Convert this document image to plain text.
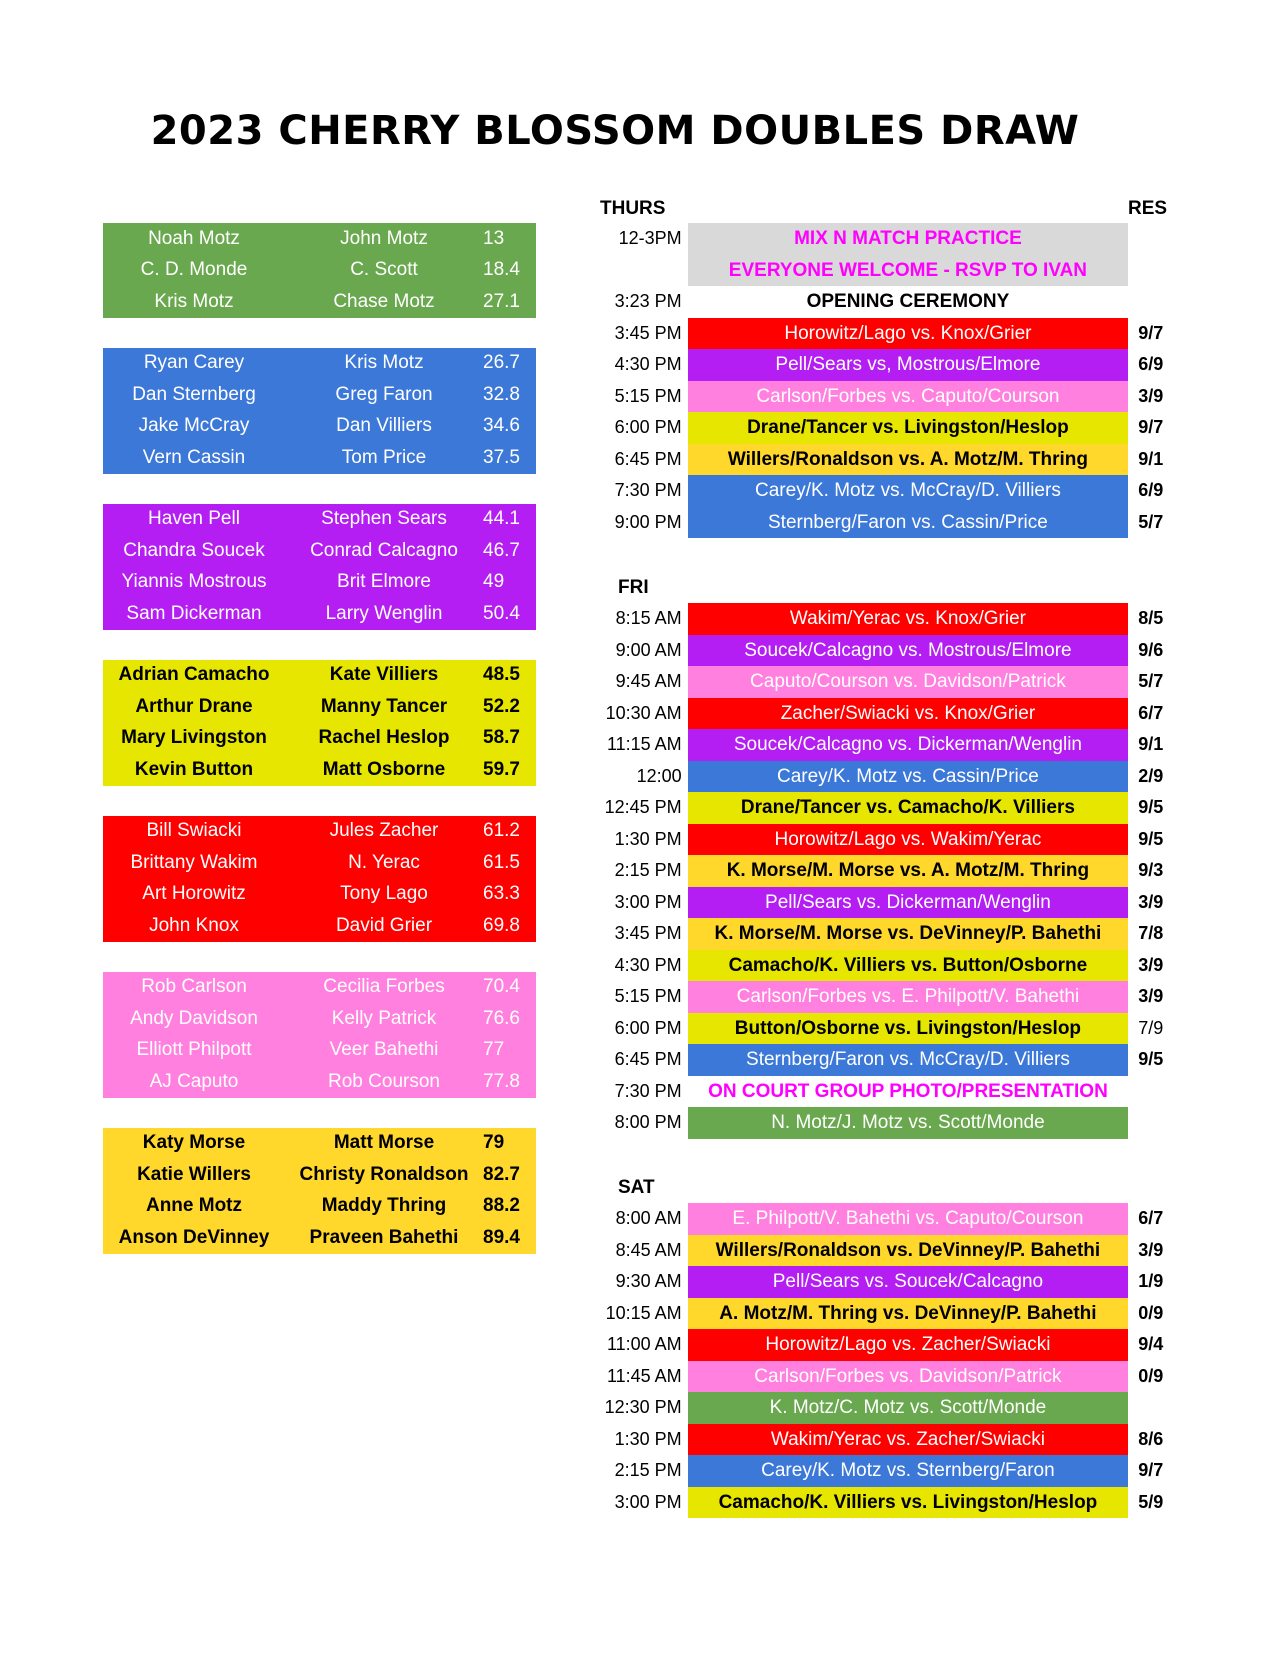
2023 CHERRY BLOSSOM DOUBLES DRAW
Noah Motz	John Motz	13
C. D. Monde	C. Scott	18.4
Kris Motz	Chase Motz	27.1
Ryan Carey	Kris Motz	26.7
Dan Sternberg	Greg Faron	32.8
Jake McCray	Dan Villiers	34.6
Vern Cassin	Tom Price	37.5
Haven Pell	Stephen Sears	44.1
Chandra Soucek	Conrad Calcagno	46.7
Yiannis Mostrous	Brit Elmore	49
Sam Dickerman	Larry Wenglin	50.4
Adrian Camacho	Kate Villiers	48.5
Arthur Drane	Manny Tancer	52.2
Mary Livingston	Rachel Heslop	58.7
Kevin Button	Matt Osborne	59.7
Bill Swiacki	Jules Zacher	61.2
Brittany Wakim	N. Yerac	61.5
Art Horowitz	Tony Lago	63.3
John Knox	David Grier	69.8
Rob Carlson	Cecilia Forbes	70.4
Andy Davidson	Kelly Patrick	76.6
Elliott Philpott	Veer Bahethi	77
AJ Caputo	Rob Courson	77.8
Katy Morse	Matt Morse	79
Katie Willers	Christy Ronaldson 82.7
Anne Motz	Maddy Thring	88.2
Anson DeVinney	Praveen Bahethi	89.4
THURS	RES
FRI
SAT
12-3PM	MIX N MATCH PRACTICE
EVERYONE WELCOME - RSVP TO IVAN
3:23 PM	OPENING CEREMONY
3:45 PM	Horowitz/Lago vs. Knox/Grier	9/7
4:30 PM	Pell/Sears vs, Mostrous/Elmore	6/9
5:15 PM	Carlson/Forbes vs. Caputo/Courson	3/9
6:00 PM	Drane/Tancer vs. Livingston/Heslop	9/7
6:45 PM	Willers/Ronaldson vs. A. Motz/M. Thring	9/1
7:30 PM	Carey/K. Motz vs. McCray/D. Villiers	6/9
9:00 PM	Sternberg/Faron vs. Cassin/Price	5/7
8:15 AM	Wakim/Yerac vs. Knox/Grier	8/5
9:00 AM	Soucek/Calcagno vs. Mostrous/Elmore	9/6
9:45 AM	Caputo/Courson vs. Davidson/Patrick	5/7
10:30 AM	Zacher/Swiacki vs. Knox/Grier	6/7
11:15 AM	Soucek/Calcagno vs. Dickerman/Wenglin	9/1
12:00	Carey/K. Motz vs. Cassin/Price	2/9
12:45 PM	Drane/Tancer vs. Camacho/K. Villiers	9/5
1:30 PM	Horowitz/Lago vs. Wakim/Yerac	9/5
2:15 PM	K. Morse/M. Morse vs. A. Motz/M. Thring	9/3
3:00 PM	Pell/Sears vs. Dickerman/Wenglin	3/9
3:45 PM	K. Morse/M. Morse vs. DeVinney/P. Bahethi	7/8
4:30 PM	Camacho/K. Villiers vs. Button/Osborne	3/9
5:15 PM	Carlson/Forbes vs. E. Philpott/V. Bahethi	3/9
6:00 PM	Button/Osborne vs. Livingston/Heslop	7/9
6:45 PM	Sternberg/Faron vs. McCray/D. Villiers	9/5
7:30 PM	ON COURT GROUP PHOTO/PRESENTATION
8:00 PM	N. Motz/J. Motz vs. Scott/Monde
8:00 AM	E. Philpott/V. Bahethi vs. Caputo/Courson	6/7
8:45 AM	Willers/Ronaldson vs. DeVinney/P. Bahethi	3/9
9:30 AM	Pell/Sears vs. Soucek/Calcagno	1/9
10:15 AM	A. Motz/M. Thring vs. DeVinney/P. Bahethi	0/9
11:00 AM	Horowitz/Lago vs. Zacher/Swiacki	9/4
11:45 AM	Carlson/Forbes vs. Davidson/Patrick	0/9
12:30 PM	K. Motz/C. Motz vs. Scott/Monde
1:30 PM	Wakim/Yerac vs. Zacher/Swiacki	8/6
2:15 PM	Carey/K. Motz vs. Sternberg/Faron	9/7
3:00 PM	Camacho/K. Villiers vs. Livingston/Heslop	5/9
